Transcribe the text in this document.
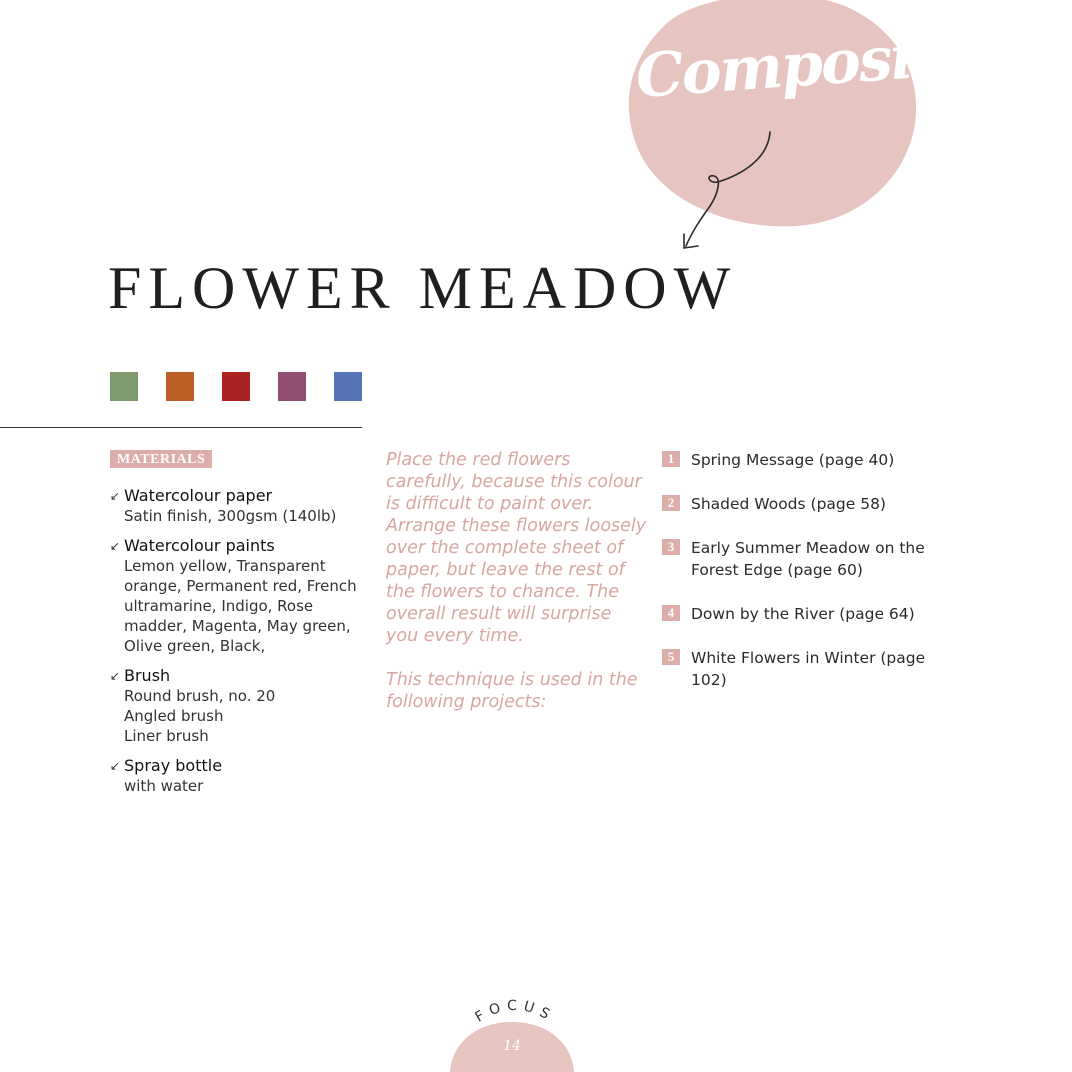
Composition
FLOWER MEADOW
MATERIALS
↙ Watercolour paper
Satin finish, 300gsm (140lb)
↙ Watercolour paints
Lemon yellow, Transparent
orange, Permanent red, French
ultramarine, Indigo, Rose
madder, Magenta, May green,
Olive green, Black,
↙ Brush
Round brush, no. 20
Angled brush
Liner brush
↙ Spray bottle
with water

Place the red flowers carefully, because this colour is difficult to paint over. Arrange these flowers loosely over the complete sheet of paper, but leave the rest of the flowers to chance. The overall result will surprise you every time.

This technique is used in the following projects:

1	Spring Message (page 40)
2	Shaded Woods (page 58)
3	Early Summer Meadow on the Forest Edge (page 60)
4	Down by the River (page 64)
5	White Flowers in Winter (page 102)
FOCUS
14
